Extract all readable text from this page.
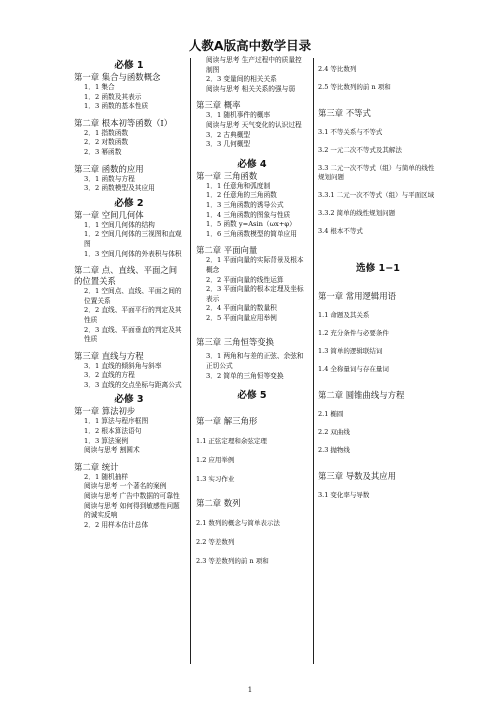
人教A版高中数学目录
必修 1
第一章 集合与函数概念
1．1 集合
1．2 函数及其表示
1．3 函数的基本性质
第二章 根本初等函数（Ⅰ）
2．1 指数函数
2．2 对数函数
2．3 幂函数
第三章 函数的应用
3．1 函数与方程
3．2 函数模型及其应用
必修 2
第一章 空间几何体
1．1 空间几何体的结构
1．2 空间几何体的三视图和直观图
1．3 空间几何体的外表积与体积
第二章 点、直线、平面之间的位置关系
2．1 空间点、直线、平面之间的位置关系
2．2 直线、平面平行的判定及其性质
2．3 直线、平面垂直的判定及其性质
第三章 直线与方程
3．1 直线的倾斜角与斜率
3．2 直线的方程
3．3 直线的交点坐标与距离公式
必修 3
第一章 算法初步
1．1 算法与程序框图
1．2 根本算法语句
1．3 算法案例
阅读与思考 割圆术
第二章 统计
2．1 随机抽样
阅读与思考 一个著名的案例
阅读与思考 广告中数据的可靠性
阅读与思考 如何得到敏感性问题的诚实反响
2．2 用样本估计总体
阅读与思考 生产过程中的质量控制图
2．3 变量间的相关关系
阅读与思考 相关关系的强与弱
第三章 概率
3．1 随机事件的概率
阅读与思考 天气变化的认识过程
3．2 古典概型
3．3 几何概型
必修 4
第一章 三角函数
1．1 任意角和弧度制
1．2 任意角的三角函数
1．3 三角函数的诱导公式
1．4 三角函数的图象与性质
1．5 函数 y=Asin（ωx+φ）
1．6 三角函数模型的简单应用
第二章 平面向量
2．1 平面向量的实际背景及根本概念
2．2 平面向量的线性运算
2．3 平面向量的根本定理及坐标表示
2．4 平面向量的数量积
2．5 平面向量应用举例
第三章 三角恒等变换
3．1 两角和与差的正弦、余弦和正切公式
3．2 简单的三角恒等变换
必修 5
第一章 解三角形
1.1 正弦定理和余弦定理
1.2 应用举例
1.3 实习作业
第二章 数列
2.1 数列的概念与简单表示法
2.2 等差数列
2.3 等差数列的前 n 项和
2.4 等比数列
2.5 等比数列的前 n 项和
第三章 不等式
3.1 不等关系与不等式
3.2 一元二次不等式及其解法
3.3 二元一次不等式（组）与简单的线性规划问题
3.3.1 二元一次不等式（组）与平面区域
3.3.2 简单的线性规划问题
3.4 根本不等式
选修 1−1
第一章 常用逻辑用语
1.1 命题及其关系
1.2 充分条件与必要条件
1.3 简单的逻辑联结词
1.4 全称量词与存在量词
第二章 圆锥曲线与方程
2.1 椭圆
2.2 双曲线
2.3 抛物线
第三章 导数及其应用
3.1 变化率与导数
1
